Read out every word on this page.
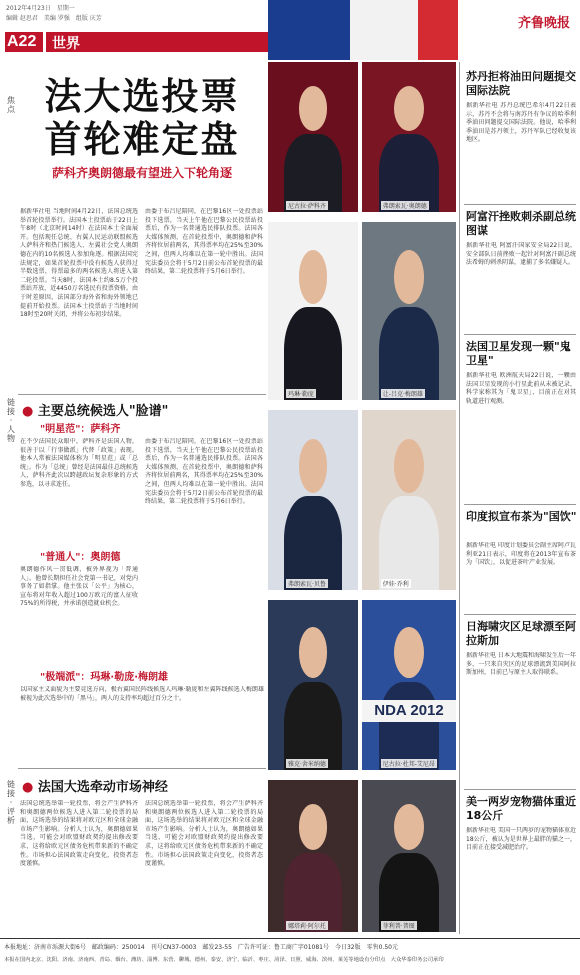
A22
2012年4月23日　星期一
编辑 赵思君　美编 罗强　组版 庆芳
世界
齐鲁晚报
焦点
链接·人物
链接·评析
法大选投票
首轮难定盘
萨科齐奥朗德最有望进入下轮角逐
据新华社电 当地时间4月22日，法国总统选举首轮投票举行。法国本土投票站于22日上午8时（北京时间14时）在法国本土全面展开。包括现任总统、右翼人民运动联盟候选人萨科齐和热门候选人、左翼社会党人奥朗德在内的10名候选人参加角逐。根据法国宪法规定，如果首轮投票中没有候选人获得过半数选票，得票最多的两名候选人将进入第二轮投票。当天8时，法国本土约8.5万个投票站开放，近4450万名选民有投票资格。由于时差原因，法国部分海外省和海外领地已提前开始投票。法国本土投票站于当地时间18时至20时关闭，并将公布初步结果。
由委于布吕尼陪同，在巴黎16区一处投票站投下选票，当天上午他在巴黎公民投票站投票后，作为一名普通选民排队投票。法国各大媒体预测，在首轮投票中，奥朗德和萨科齐将位居前两名，其得票率均在25%至30%之间，但两人均难以在第一轮中胜出。法国宪法委员会将于5月2日前公布首轮投票的最终结果，第二轮投票将于5月6日举行。
● 主要总统候选人"脸谱"
"明星范"：萨科齐
在不少法国民众眼中，萨科齐是法国人物，很善于以「行事做派」代替「政策」表现。他本人常被法国媒体称为「明星范」或「总统」。作为「总统」曾经是法国最佳总统候选人，萨科齐此次以跨越政坛复杂形象的方式参选，以寻求连任。
"普通人"：奥朗德
奥朗德作风一贯低调，被外界视为「普通人」。他曾长期担任社会党第一书记，对党内事务了如指掌。他主张以「公平」为核心，宣布将对年收入超过100万欧元的富人征收75%的所得税，并承诺创造就业机会。
"极端派"：玛琳·勒庞·梅朗雄
以国家主义面貌为主要竞选方向，极右翼国民阵线候选人玛琳·勒庞和左翼阵线候选人梅朗雄被视为此次选举中的「黑马」，两人的支持率均超过百分之十。
由委于布吕尼陪同，在巴黎16区一处投票站投下选票，当天上午他在巴黎公民投票站投票后，作为一名普通选民排队投票。法国各大媒体预测，在首轮投票中，奥朗德和萨科齐将位居前两名，其得票率均在25%至30%之间，但两人均难以在第一轮中胜出。法国宪法委员会将于5月2日前公布首轮投票的最终结果，第二轮投票将于5月6日举行。
● 法国大选牵动市场神经
法国总统选举第一轮投票，将会产生萨科齐和奥朗德两位候选人进入第二轮投票的局面，这场选举的结果将对欧元区和全球金融市场产生影响。分析人士认为，奥朗德如果当选，可能会对欧盟财政契约提出修改要求，这将给欧元区债务危机带来新的不确定性。市场担心法国政策走向变化，投资者态度谨慎。
法国总统选举第一轮投票，将会产生萨科齐和奥朗德两位候选人进入第二轮投票的局面，这场选举的结果将对欧元区和全球金融市场产生影响。分析人士认为，奥朗德如果当选，可能会对欧盟财政契约提出修改要求，这将给欧元区债务危机带来新的不确定性。市场担心法国政策走向变化，投资者态度谨慎。
尼古拉·萨科齐	弗朗索瓦·奥朗德
玛琳·勒庞	让-吕克·梅朗雄
弗朗索瓦·贝鲁	伊娃·乔利
雅克·舍米纳德
NDA 2012
尼古拉·杜邦-艾尼昂
娜塔莉·阿尔托	菲利普·普图
苏丹拒将油田问题提交国际法院
据新华社电 苏丹总统巴希尔4月22日表示，苏丹不会将与南苏丹有争议的哈季利季油田问题提交国际法院。他说，哈季利季油田是苏丹领土，苏丹军队已经收复该地区。
阿富汗挫败刺杀副总统图谋
据新华社电 阿富汗国家安全局22日说，安全部队日前挫败一起针对阿富汗副总统法希姆的刺杀阴谋，逮捕了多名嫌疑人。
法国卫星发现一颗"鬼卫星"
据新华社电 欧洲航天局22日说，一颗由法国卫星发现的小行星此前从未被记录，科学家称其为「鬼卫星」，目前正在对其轨道进行观测。
印度拟宣布茶为"国饮"
据新华社电 印度计划委员会副主席阿卢瓦利亚21日表示，印度将在2013年宣布茶为「国饮」，以促进茶叶产业发展。
日海啸灾区足球漂至阿拉斯加
据新华社电 日本大地震和海啸发生后一年多，一只来自灾区的足球漂流到美国阿拉斯加州，目前已与原主人取得联系。
美一两岁宠物猫体重近18公斤
据新华社电 美国一只两岁的宠物猫体重近18公斤，被认为是世界上最胖的猫之一，目前正在接受减肥治疗。
本报地址：济南市泺源大街6号　邮政编码：250014　刊号CN37-0003　邮发23-55　广告许可证：鲁工商广字01081号　今日32版　零售0.50元
本报在国内北京、沈阳、济南、济南西、青岛、烟台、潍坊、淄博、东营、聊城、德州、泰安、济宁、临沂、枣庄、菏泽、日照、威海、滨州、莱芜等地设有分印点　大众华泰印务公司承印
